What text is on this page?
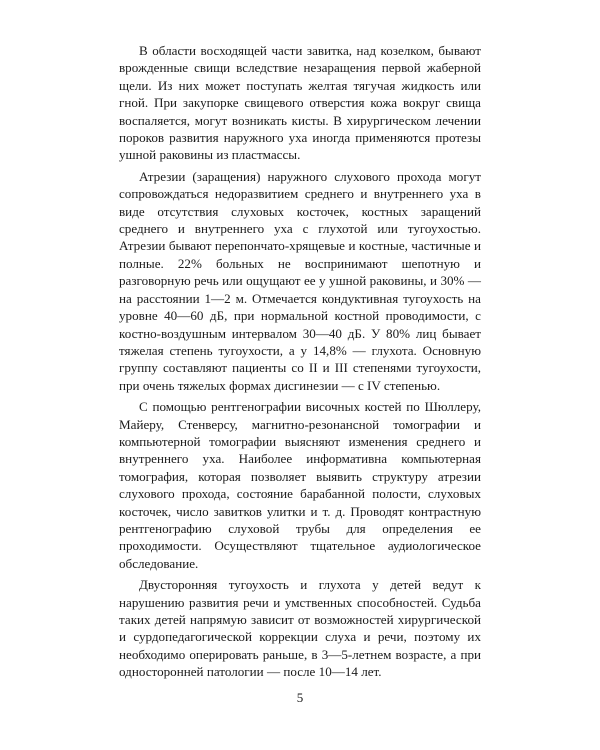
В области восходящей части завитка, над козелком, бывают врожденные свищи вследствие незаращения первой жаберной щели. Из них может поступать желтая тягучая жидкость или гной. При закупорке свищевого отверстия кожа вокруг свища воспаляется, могут возникать кисты. В хирургическом лечении пороков развития наружного уха иногда применяются протезы ушной раковины из пластмассы.

Атрезии (заращения) наружного слухового прохода могут сопровождаться недоразвитием среднего и внутреннего уха в виде отсутствия слуховых косточек, костных заращений среднего и внутреннего уха с глухотой или тугоухостью. Атрезии бывают перепончато-хрящевые и костные, частичные и полные. 22% больных не воспринимают шепотную и разговорную речь или ощущают ее у ушной раковины, и 30% — на расстоянии 1—2 м. Отмечается кондуктивная тугоухость на уровне 40—60 дБ, при нормальной костной проводимости, с костно-воздушным интервалом 30—40 дБ. У 80% лиц бывает тяжелая степень тугоухости, а у 14,8% — глухота. Основную группу составляют пациенты со II и III степенями тугоухости, при очень тяжелых формах дисгинезии — с IV степенью.

С помощью рентгенографии височных костей по Шюллеру, Майеру, Стенверсу, магнитно-резонансной томографии и компьютерной томографии выясняют изменения среднего и внутреннего уха. Наиболее информативна компьютерная томография, которая позволяет выявить структуру атрезии слухового прохода, состояние барабанной полости, слуховых косточек, число завитков улитки и т. д. Проводят контрастную рентгенографию слуховой трубы для определения ее проходимости. Осуществляют тщательное аудиологическое обследование.

Двусторонняя тугоухость и глухота у детей ведут к нарушению развития речи и умственных способностей. Судьба таких детей напрямую зависит от возможностей хирургической и сурдопедагогической коррекции слуха и речи, поэтому их необходимо оперировать раньше, в 3—5-летнем возрасте, а при односторонней патологии — после 10—14 лет.

5
